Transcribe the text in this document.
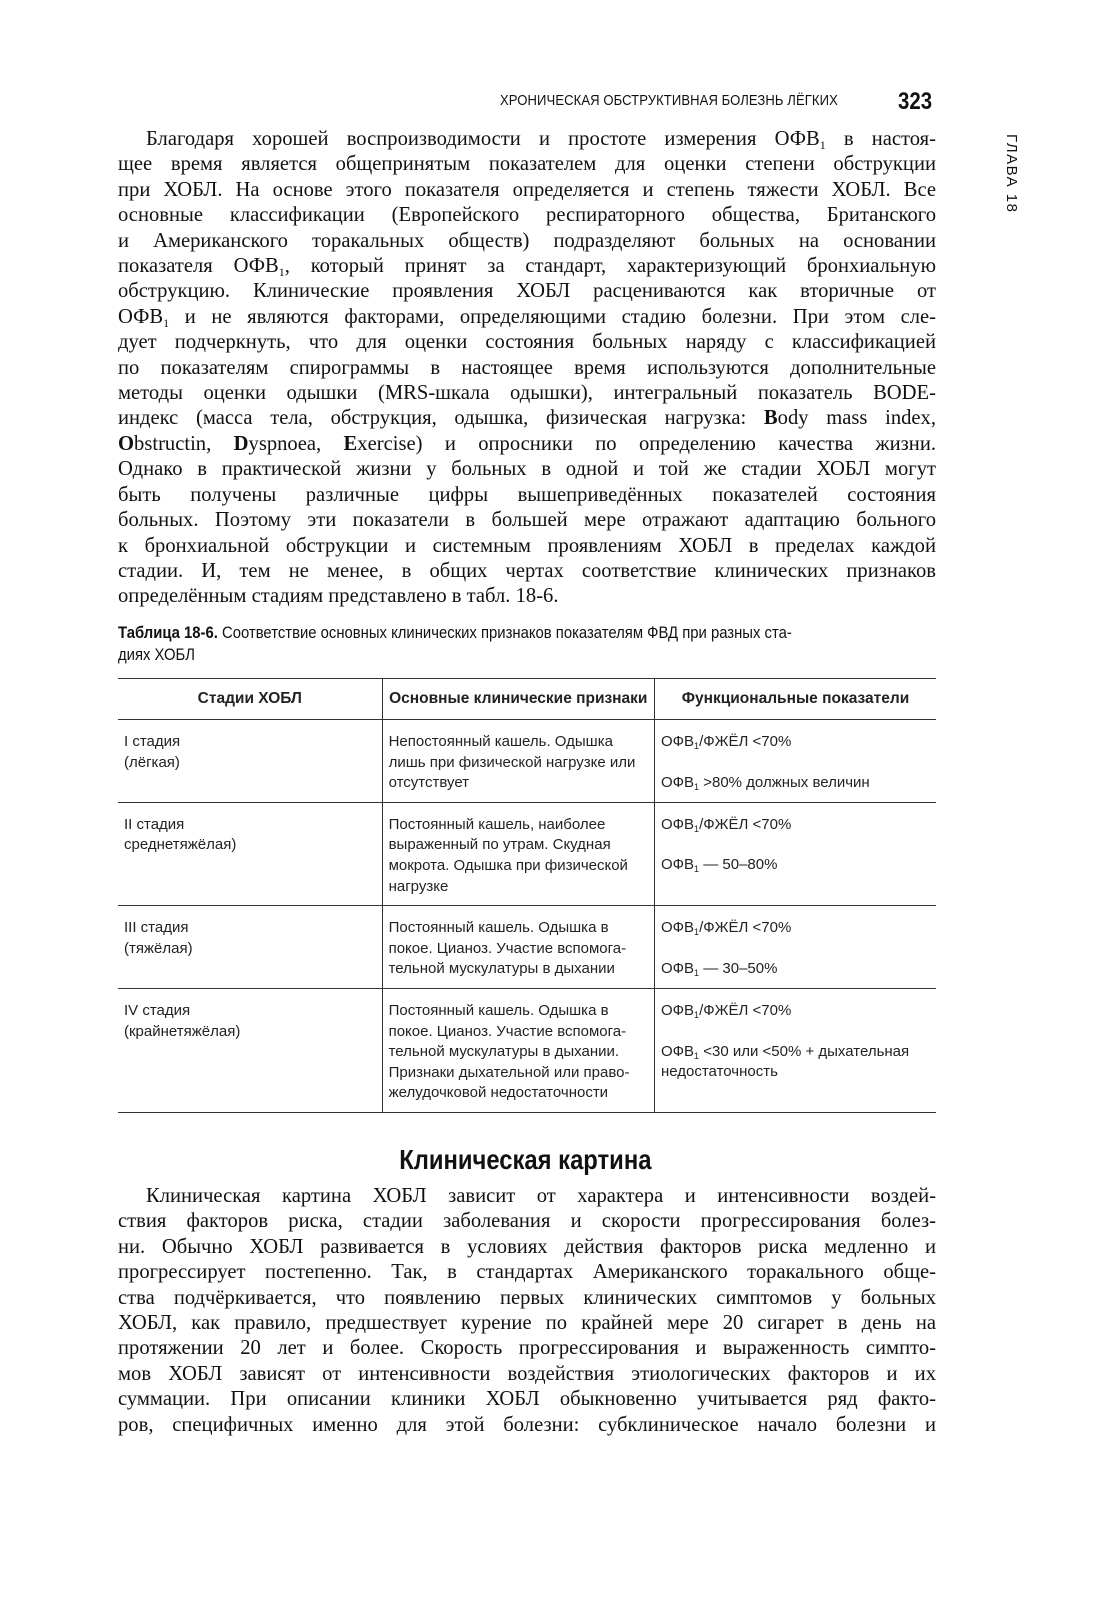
ХРОНИЧЕСКАЯ ОБСТРУКТИВНАЯ БОЛЕЗНЬ ЛЁГКИХ	323
ГЛАВА 18
Благодаря хорошей воспроизводимости и простоте измерения $ОФВ_1$ в настоя-
щее время является общепринятым показателем для оценки степени обструкции
при ХОБЛ. На основе этого показателя определяется и степень тяжести ХОБЛ. Все
основные классификации (Европейского респираторного общества, Британского
и Американского торакальных обществ) подразделяют больных на основании
показателя $ОФВ_1$, который принят за стандарт, характеризующий бронхиальную
обструкцию. Клинические проявления ХОБЛ расцениваются как вторичные от
$ОФВ_1$ и не являются факторами, определяющими стадию болезни. При этом сле-
дует подчеркнуть, что для оценки состояния больных наряду с классификацией
по показателям спирограммы в настоящее время используются дополнительные
методы оценки одышки (MRS-шкала одышки), интегральный показатель BODE-
индекс (масса тела, обструкция, одышка, физическая нагрузка: Body mass index,
Obstructin, Dyspnoea, Exercise) и опросники по определению качества жизни.
Однако в практической жизни у больных в одной и той же стадии ХОБЛ могут
быть получены различные цифры вышеприведённых показателей состояния
больных. Поэтому эти показатели в большей мере отражают адаптацию больного
к бронхиальной обструкции и системным проявлениям ХОБЛ в пределах каждой
стадии. И, тем не менее, в общих чертах соответствие клинических признаков
определённым стадиям представлено в табл. 18-6.
Таблица 18-6. Соответствие основных клинических признаков показателям ФВД при разных ста-
диях ХОБЛ
Стадии ХОБЛ	Основные клинические признаки	Функциональные показатели

I стадия
(лёгкая)	Непостоянный кашель. Одышка
лишь при физической нагрузке или
отсутствует	$ОФВ_1$/ФЖЁЛ <70%
$ОФВ_1 >80\%$ должных величин

II стадия
среднетяжёлая)	Постоянный кашель, наиболее
выраженный по утрам. Скудная
мокрота. Одышка при физической
нагрузке	$ОФВ_1$/ФЖЁЛ <70%
$ОФВ_1$ — 50–80%

III стадия
(тяжёлая)	Постоянный кашель. Одышка в
покое. Цианоз. Участие вспомога-
тельной мускулатуры в дыхании	$ОФВ_1$/ФЖЁЛ <70%
$ОФВ_1$ — 30–50%

IV стадия
(крайнетяжёлая)	Постоянный кашель. Одышка в
покое. Цианоз. Участие вспомога-
тельной мускулатуры в дыхании.
Признаки дыхательной или право-
желудочковой недостаточности	$ОФВ_1$/ФЖЁЛ <70%
$ОФВ_1 <30$ или <50% + дыхательная
недостаточность
Клиническая картина
Клиническая картина ХОБЛ зависит от характера и интенсивности воздей-
ствия факторов риска, стадии заболевания и скорости прогрессирования болез-
ни. Обычно ХОБЛ развивается в условиях действия факторов риска медленно и
прогрессирует постепенно. Так, в стандартах Американского торакального обще-
ства подчёркивается, что появлению первых клинических симптомов у больных
ХОБЛ, как правило, предшествует курение по крайней мере 20 сигарет в день на
протяжении 20 лет и более. Скорость прогрессирования и выраженность симпто-
мов ХОБЛ зависят от интенсивности воздействия этиологических факторов и их
суммации. При описании клиники ХОБЛ обыкновенно учитывается ряд факто-
ров, специфичных именно для этой болезни: субклиническое начало болезни и
